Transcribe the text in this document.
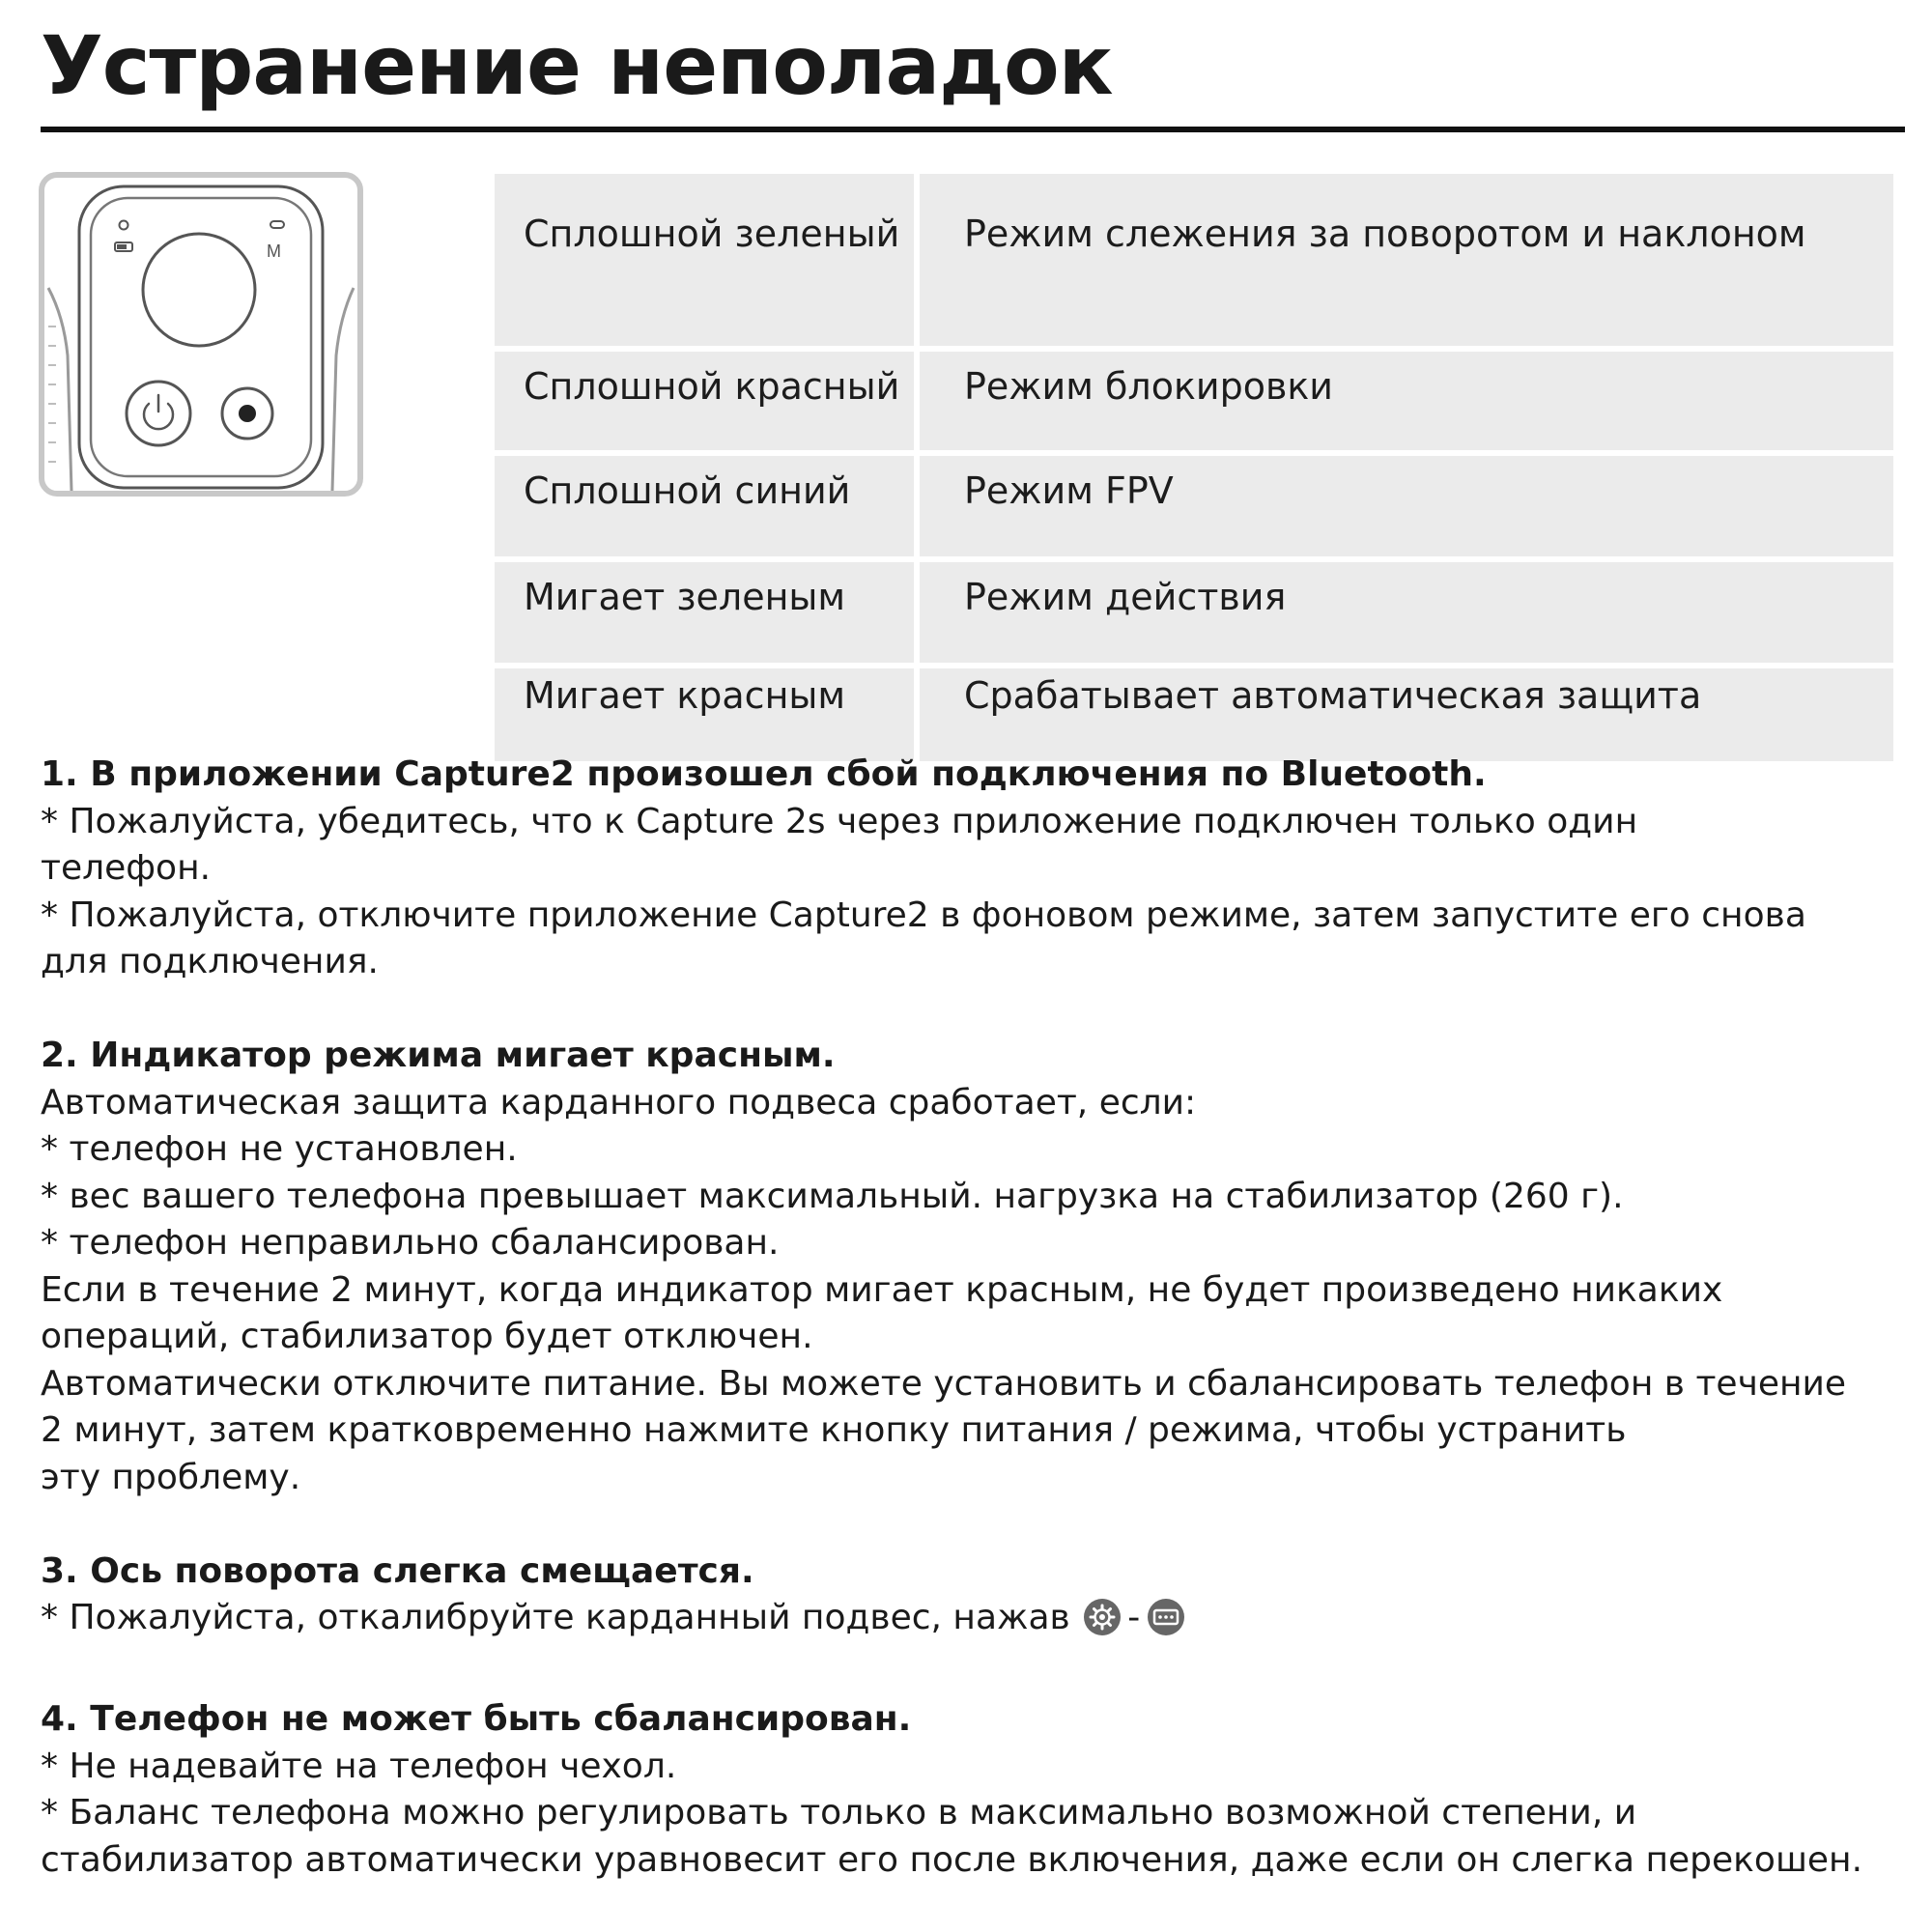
Устранение неполадок
M	Сплошной зеленый	Режим слежения за поворотом и наклоном
Сплошной красный	Режим блокировки
Сплошной синий	Режим FPV
Мигает зеленым	Режим действия
Мигает красным	Срабатывает автоматическая защита
1. В приложении Capture2 произошел сбой подключения по Bluetooth.
* Пожалуйста, убедитесь, что к Capture 2s через приложение подключен только один
телефон.
* Пожалуйста, отключите приложение Capture2 в фоновом режиме, затем запустите его снова
для подключения.
2. Индикатор режима мигает красным.
Автоматическая защита карданного подвеса сработает, если:
* телефон не установлен.
* вес вашего телефона превышает максимальный. нагрузка на стабилизатор (260 г).
* телефон неправильно сбалансирован.
Если в течение 2 минут, когда индикатор мигает красным, не будет произведено никаких
операций, стабилизатор будет отключен.
Автоматически отключите питание. Вы можете установить и сбалансировать телефон в течение
2 минут, затем кратковременно нажмите кнопку питания / режима, чтобы устранить
эту проблему.
3. Ось поворота слегка смещается.
* Пожалуйста, откалибруйте карданный подвес, нажав -
4. Телефон не может быть сбалансирован.
* Не надевайте на телефон чехол.
* Баланс телефона можно регулировать только в максимально возможной степени, и
стабилизатор автоматически уравновесит его после включения, даже если он слегка перекошен.
